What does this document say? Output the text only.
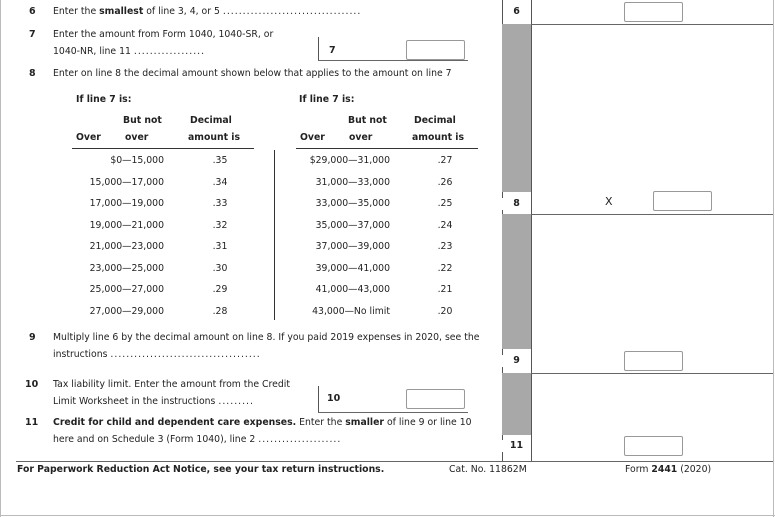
6 Enter the smallest of line 3, 4, or 5 ...................................	6
7 Enter the amount from Form 1040, 1040-SR, or
1040-NR, line 11 ..................	7
8 Enter on line 8 the decimal amount shown below that applies to the amount on line 7
8	X
If line 7 is:
But not	Decimal
Over	over	amount is
If line 7 is:
But not	Decimal
Over	over	amount is
$0—15,000	.35
15,000—17,000	.34
17,000—19,000	.33
19,000—21,000	.32
21,000—23,000	.31
23,000—25,000	.30
25,000—27,000	.29
27,000—29,000	.28
$29,000—31,000	.27
31,000—33,000	.26
33,000—35,000	.25
35,000—37,000	.24
37,000—39,000	.23
39,000—41,000	.22
41,000—43,000	.21
43,000—No limit	.20
9 Multiply line 6 by the decimal amount on line 8. If you paid 2019 expenses in 2020, see the
instructions ......................................
9
10 Tax liability limit. Enter the amount from the Credit
Limit Worksheet in the instructions .........	10
11 Credit for child and dependent care expenses. Enter the smaller of line 9 or line 10
here and on Schedule 3 (Form 1040), line 2 .....................
11
For Paperwork Reduction Act Notice, see your tax return instructions.	Cat. No. 11862M	Form 2441 (2020)
